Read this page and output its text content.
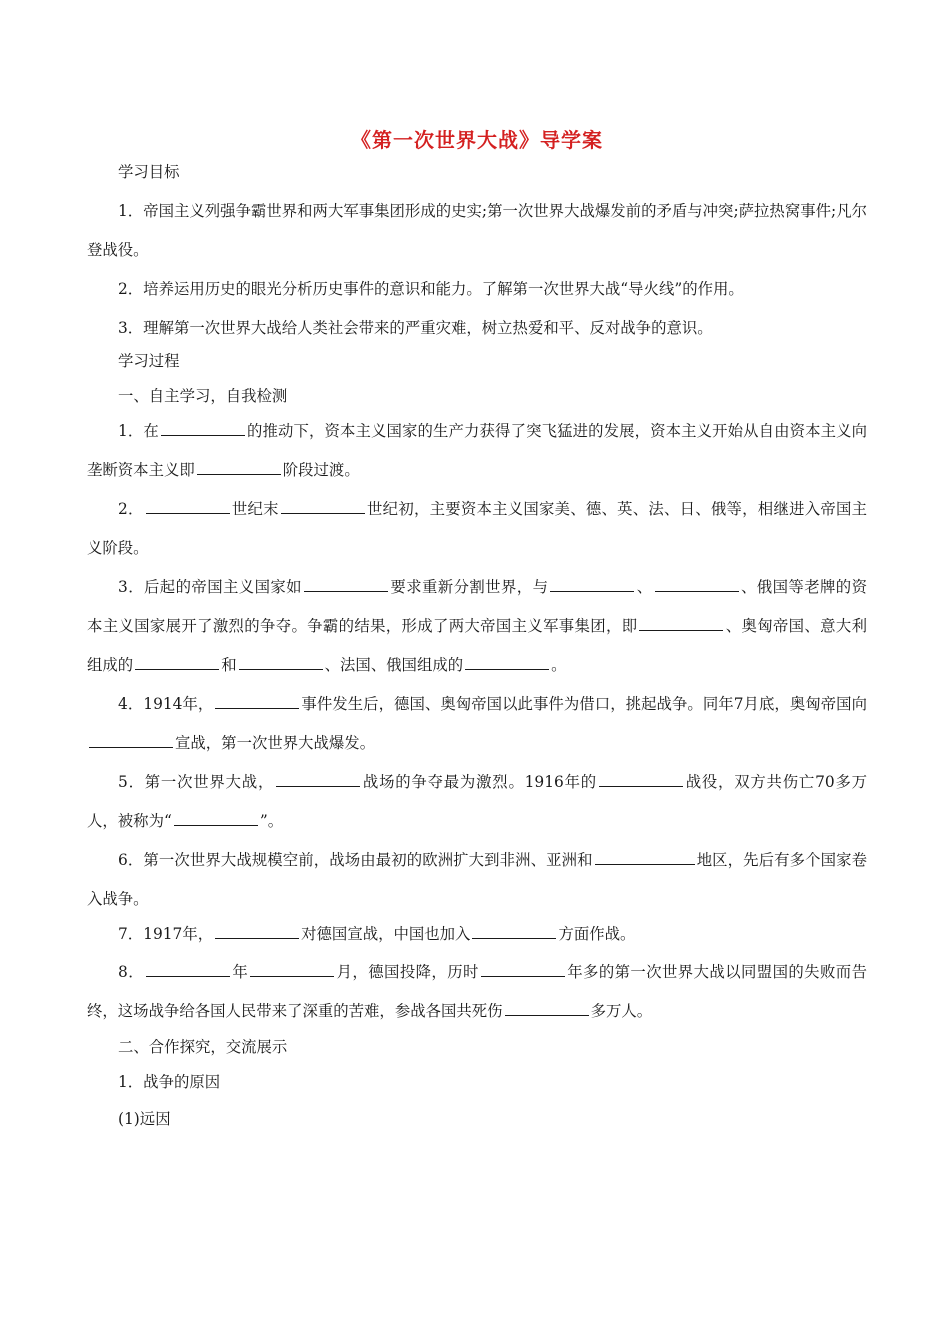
《第一次世界大战》导学案

学习目标

1．帝国主义列强争霸世界和两大军事集团形成的史实;第一次世界大战爆发前的矛盾与冲突;萨拉热窝事件;凡尔登战役。

2．培养运用历史的眼光分析历史事件的意识和能力。了解第一次世界大战“导火线”的作用。

3．理解第一次世界大战给人类社会带来的严重灾难，树立热爱和平、反对战争的意识。

学习过程

一、自主学习，自我检测

1．在	的推动下，资本主义国家的生产力获得了突飞猛进的发展，资本主义开始从自由资本主义向垄断资本主义即	阶段过渡。

2．	世纪末	世纪初，主要资本主义国家美、德、英、法、日、俄等，相继进入帝国主义阶段。

3．后起的帝国主义国家如	要求重新分割世界，与	、	、俄国等老牌的资本主义国家展开了激烈的争夺。争霸的结果，形成了两大帝国主义军事集团，即	、奥匈帝国、意大利组成的	和	、法国、俄国组成的	。

4．1914年，	事件发生后，德国、奥匈帝国以此事件为借口，挑起战争。同年7月底，奥匈帝国向宣战，第一次世界大战爆发。

5．第一次世界大战，	战场的争夺最为激烈。1916年的	战役，双方共伤亡70多万人，被称为“	”。

6．第一次世界大战规模空前，战场由最初的欧洲扩大到非洲、亚洲和	地区，先后有多个国家卷入战争。

7．1917年，	对德国宣战，中国也加入	方面作战。

8．	年	月，德国投降，历时	年多的第一次世界大战以同盟国的失败而告终，这场战争给各国人民带来了深重的苦难，参战各国共死伤	多万人。

二、合作探究，交流展示

1．战争的原因

(1)远因
